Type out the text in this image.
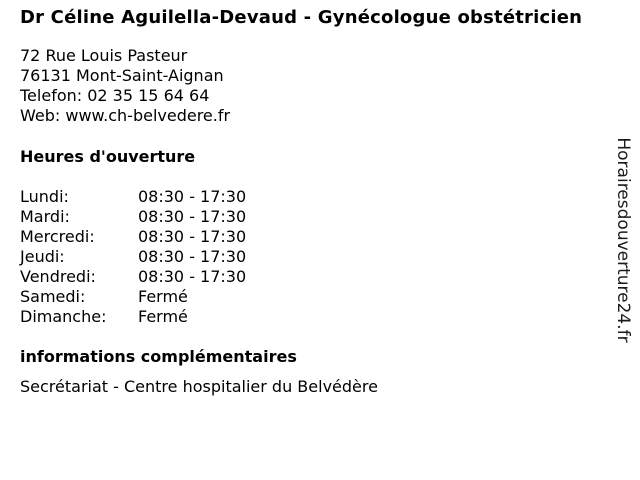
Dr Céline Aguilella-Devaud - Gynécologue obstétricien
72 Rue Louis Pasteur
76131 Mont-Saint-Aignan
Telefon: 02 35 15 64 64
Web: www.ch-belvedere.fr
Heures d'ouverture
Lundi:	08:30 - 17:30
Mardi:	08:30 - 17:30
Mercredi:	08:30 - 17:30
Jeudi:	08:30 - 17:30
Vendredi:	08:30 - 17:30
Samedi:	Fermé
Dimanche:	Fermé
informations complémentaires
Secrétariat - Centre hospitalier du Belvédère
Horairesdouverture24.fr
